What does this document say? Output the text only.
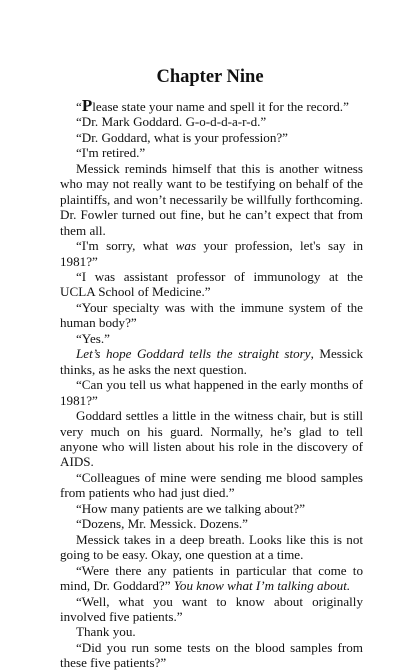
Chapter Nine

“Please state your name and spell it for the record.”

“Dr. Mark Goddard. G-o-d-d-a-r-d.”

“Dr. Goddard, what is your profession?”

“I'm retired.”

Messick reminds himself that this is another witness who may not really want to be testifying on behalf of the plaintiffs, and won’t necessarily be willfully forthcoming. Dr. Fowler turned out fine, but he can’t expect that from them all.

“I'm sorry, what was your profession, let's say in 1981?”

“I was assistant professor of immunology at the UCLA School of Medicine.”

“Your specialty was with the immune system of the human body?”

“Yes.”

Let’s hope Goddard tells the straight story, Messick thinks, as he asks the next question.

“Can you tell us what happened in the early months of 1981?”

Goddard settles a little in the witness chair, but is still very much on his guard. Normally, he’s glad to tell anyone who will listen about his role in the discovery of AIDS.

“Colleagues of mine were sending me blood samples from patients who had just died.”

“How many patients are we talking about?”

“Dozens, Mr. Messick. Dozens.”

Messick takes in a deep breath. Looks like this is not going to be easy. Okay, one question at a time.

“Were there any patients in particular that come to mind, Dr. Goddard?” You know what I’m talking about.

“Well, what you want to know about originally involved five patients.”

Thank you.

“Did you run some tests on the blood samples from these five patients?”
